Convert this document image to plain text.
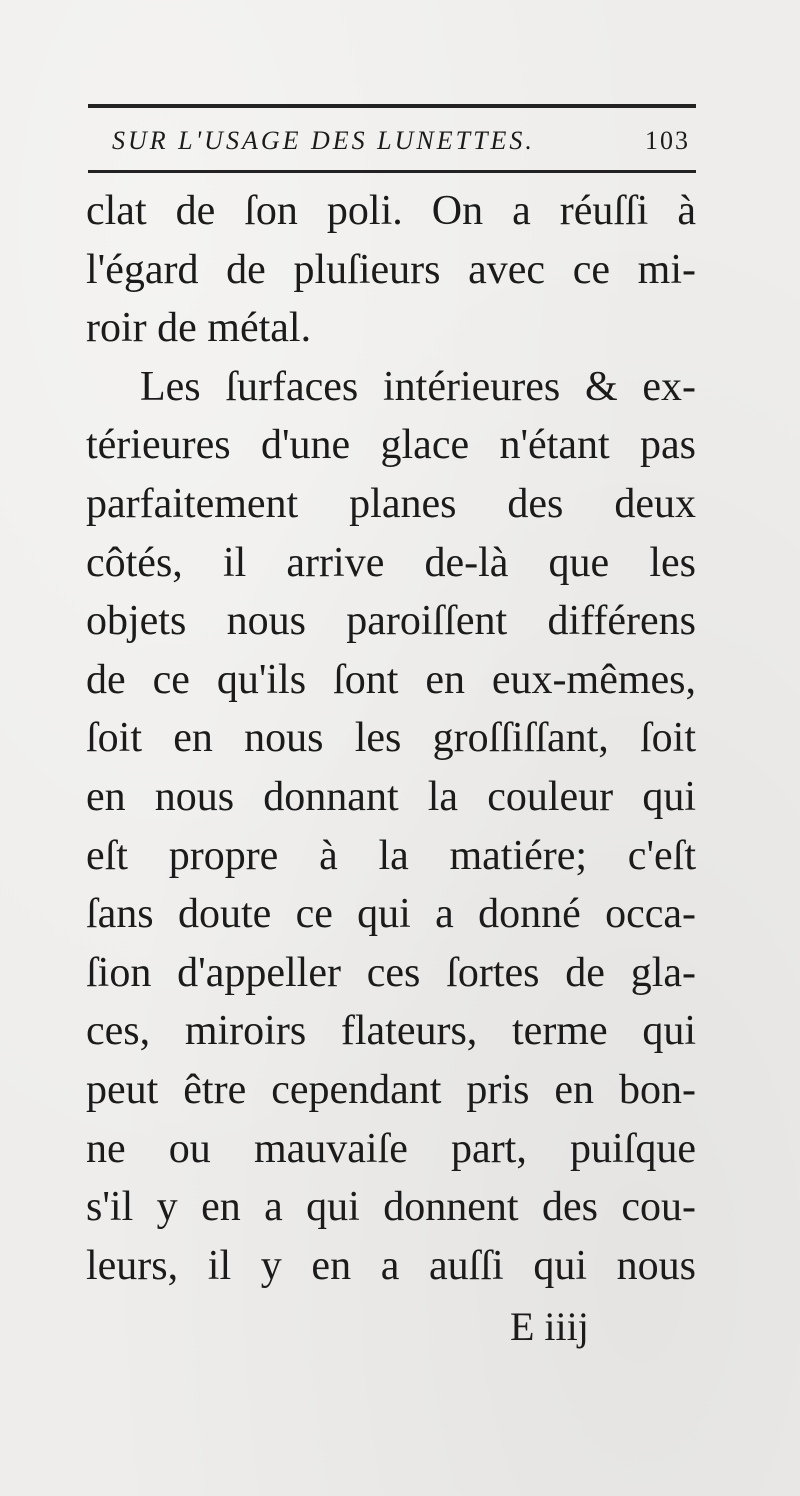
SUR L'USAGE DES LUNETTES.	103
clat de ſon poli. On a réuſſi à
l'égard de pluſieurs avec ce mi-
roir de métal.
Les ſurfaces intérieures & ex-
térieures d'une glace n'étant pas
parfaitement planes des deux
côtés, il arrive de-là que les
objets nous paroiſſent différens
de ce qu'ils ſont en eux-mêmes,
ſoit en nous les groſſiſſant, ſoit
en nous donnant la couleur qui
eſt propre à la matiére; c'eſt
ſans doute ce qui a donné occa-
ſion d'appeller ces ſortes de gla-
ces, miroirs flateurs, terme qui
peut être cependant pris en bon-
ne ou mauvaiſe part, puiſque
s'il y en a qui donnent des cou-
leurs, il y en a auſſi qui nous
E iiij
